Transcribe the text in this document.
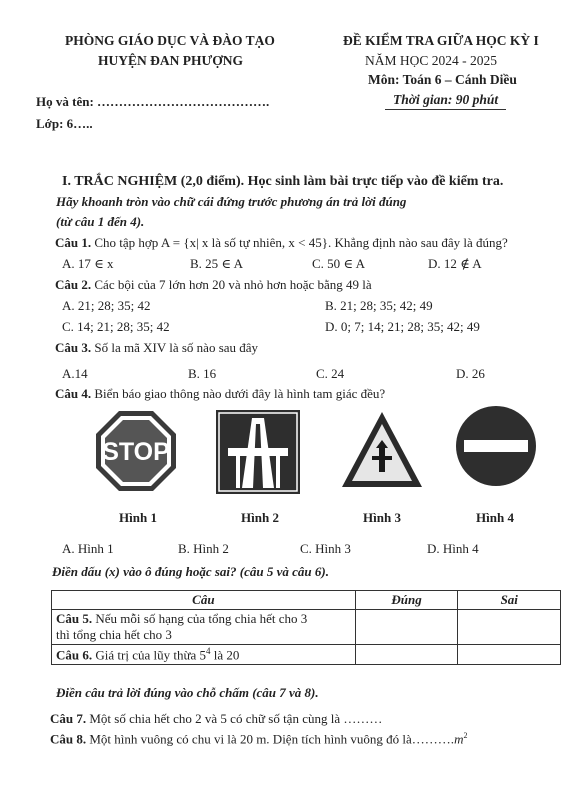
PHÒNG GIÁO DỤC VÀ ĐÀO TẠO
HUYỆN ĐAN PHƯỢNG
ĐỀ KIỂM TRA GIỮA HỌC KỲ I
NĂM HỌC 2024 - 2025
Môn: Toán 6 – Cánh Diều
Thời gian: 90 phút
Họ và tên: ………………………………….
Lớp: 6…..
I. TRẮC NGHIỆM (2,0 điểm). Học sinh làm bài trực tiếp vào đề kiểm tra.
Hãy khoanh tròn vào chữ cái đứng trước phương án trả lời đúng
(từ câu 1 đến 4).
Câu 1. Cho tập hợp A = {x| x là số tự nhiên, x < 45}. Khẳng định nào sau đây là đúng?
A. 17 ∈ x	B. 25 ∈ A	C. 50 ∈ A	D. 12 ∉ A
Câu 2. Các bội của 7 lớn hơn 20 và nhỏ hơn hoặc bằng 49 là
A. 21; 28; 35; 42	B. 21; 28; 35; 42; 49
C. 14; 21; 28; 35; 42	D. 0; 7; 14; 21; 28; 35; 42; 49
Câu 3. Số la mã XIV là số nào sau đây
A.14	B. 16	C. 24	D. 26
Câu 4. Biển báo giao thông nào dưới đây là hình tam giác đều?
STOP
Hình 1	Hình 2	Hình 3	Hình 4
A. Hình 1	B. Hình 2	C. Hình 3	D. Hình 4
Điền dấu (x) vào ô đúng hoặc sai? (câu 5 và câu 6).
Câu	Đúng	Sai
Câu 5. Nếu mỗi số hạng của tổng chia hết cho 3
thì tổng chia hết cho 3		
Câu 6. Giá trị của lũy thừa $5^4$ là 20		
Điền câu trả lời đúng vào chỗ chấm (câu 7 và 8).
Câu 7. Một số chia hết cho 2 và 5 có chữ số tận cùng là ………
Câu 8. Một hình vuông có chu vi là 20 m. Diện tích hình vuông đó $là\dots\dots\dots.m^2$
